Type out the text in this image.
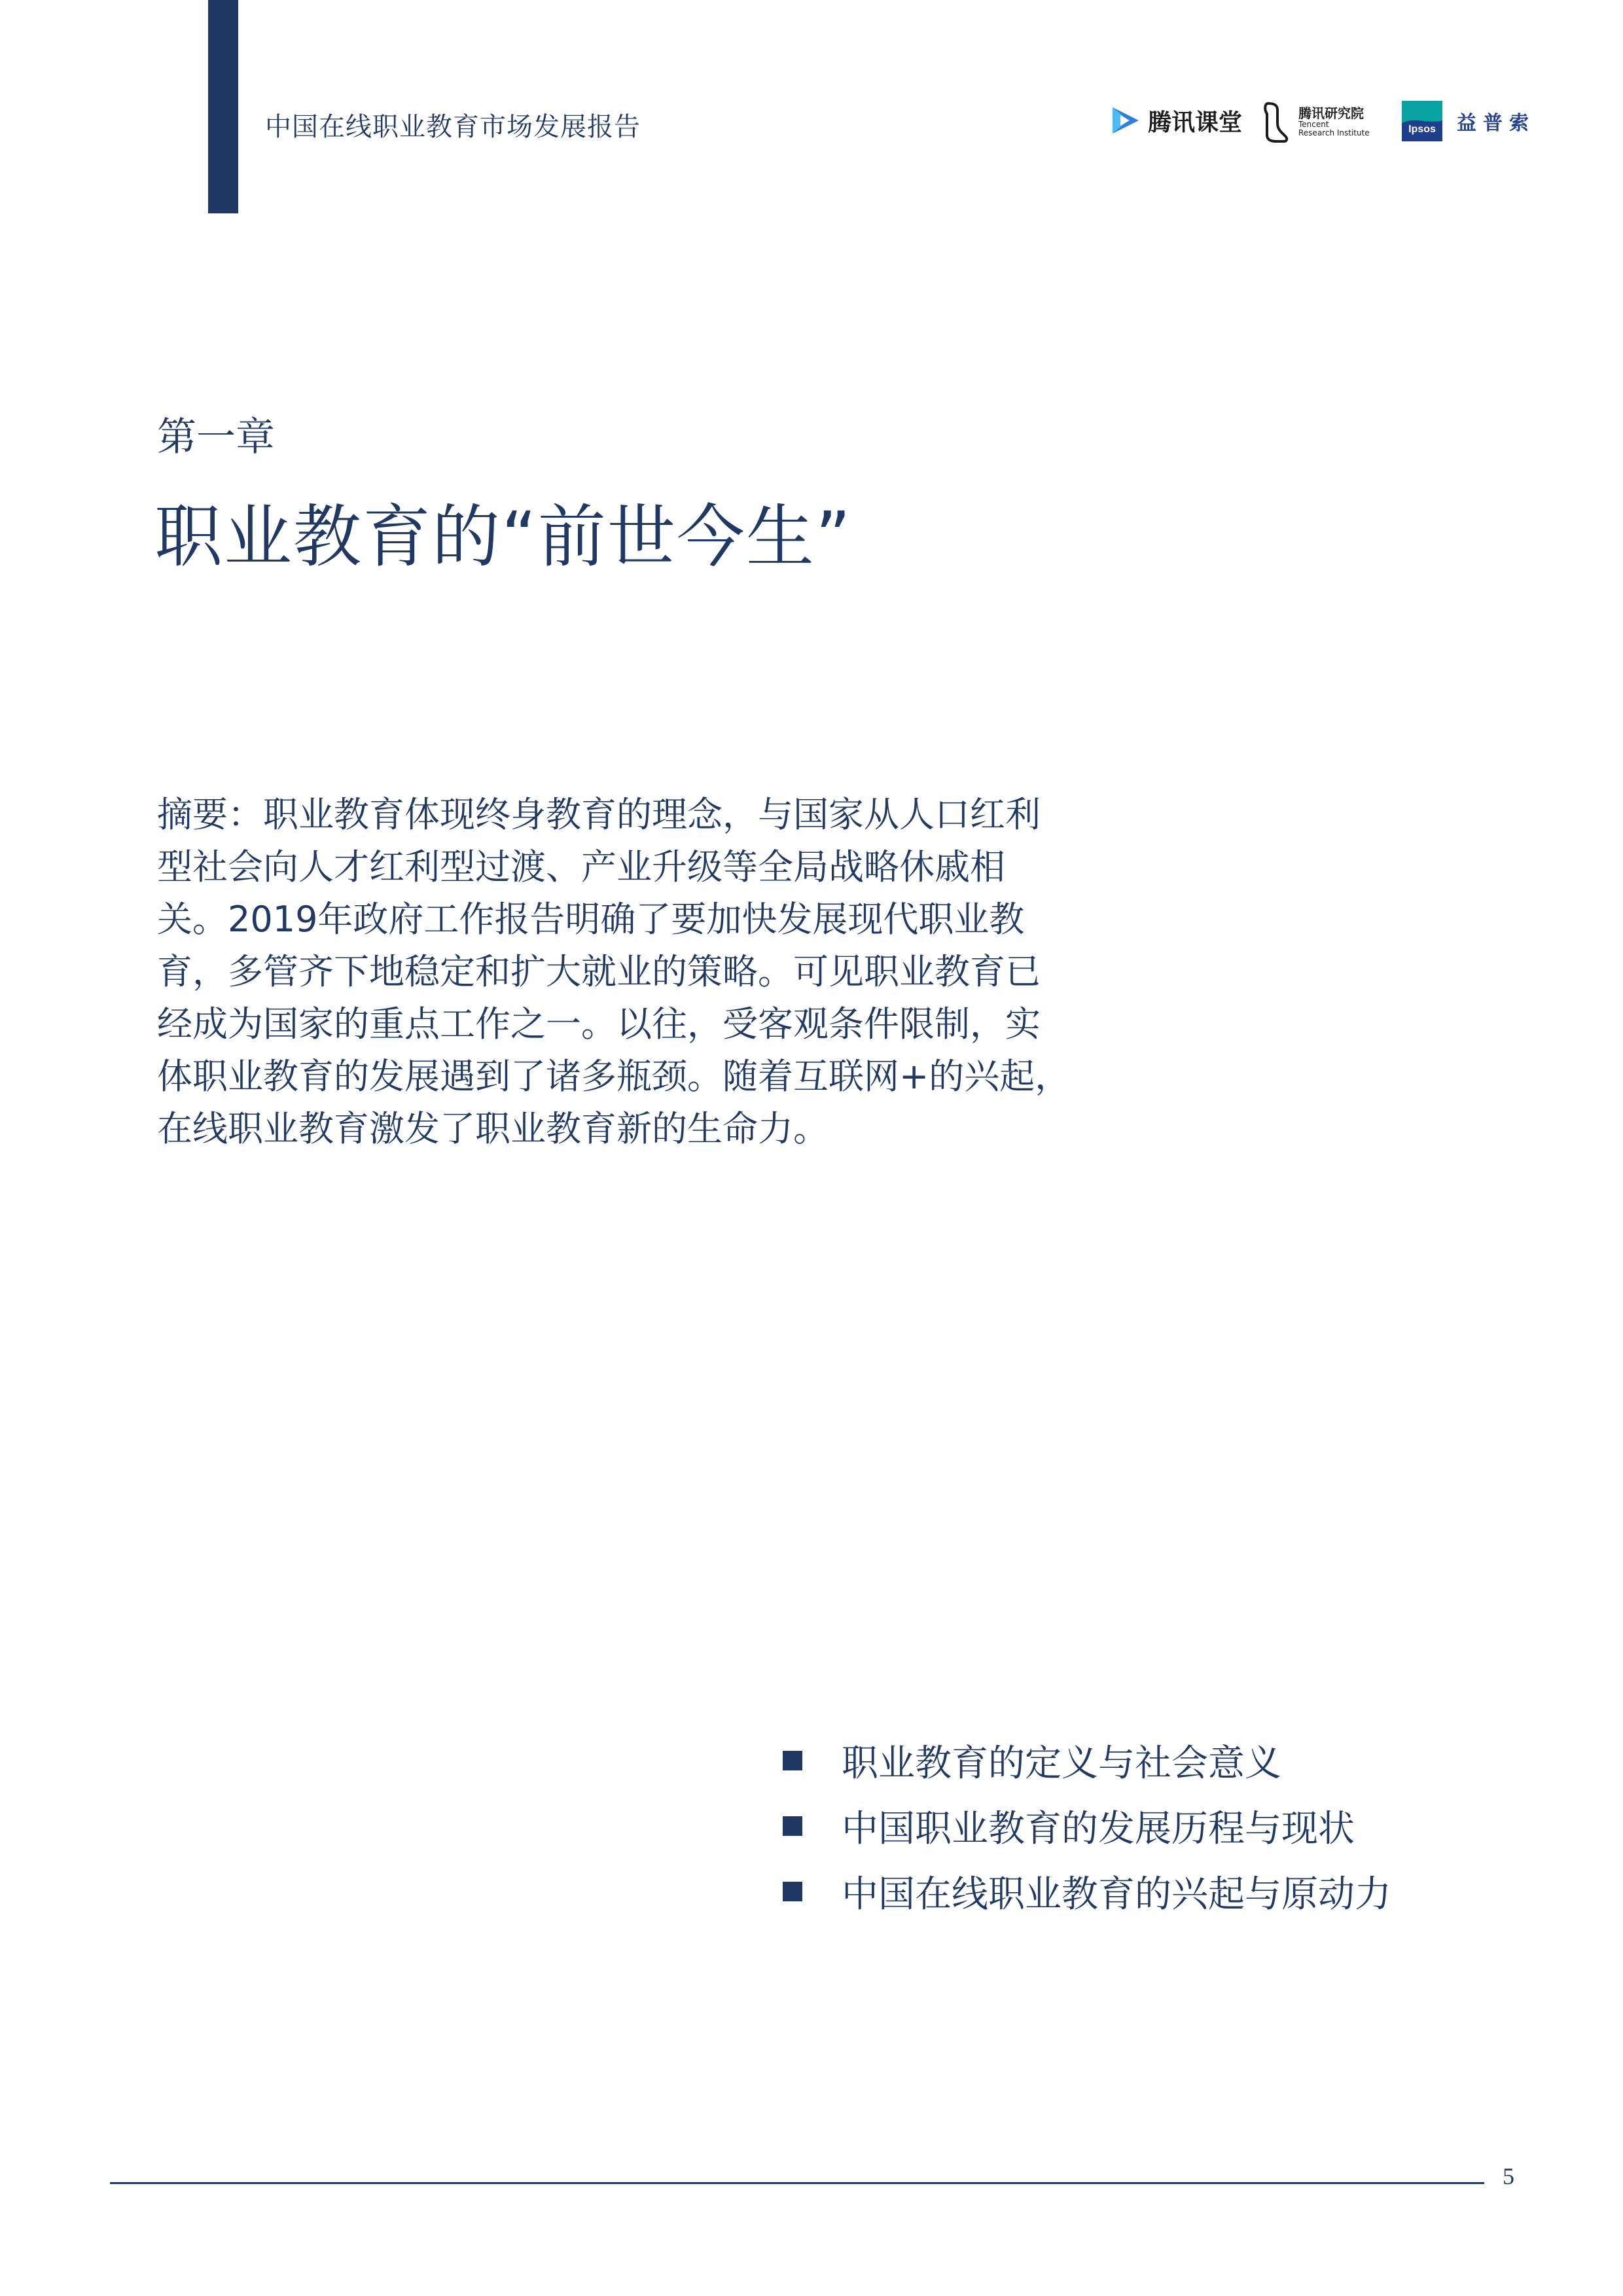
中国在线职业教育市场发展报告	腾讯课堂	腾讯研究院
Tencent
Research Institute	Ipsos 益普索
第一章
职业教育的“前世今生”
摘要：职业教育体现终身教育的理念，与国家从人口红利
型社会向人才红利型过渡、产业升级等全局战略休戚相
关。2019年政府工作报告明确了要加快发展现代职业教
育，多管齐下地稳定和扩大就业的策略。可见职业教育已
经成为国家的重点工作之一。以往，受客观条件限制，实
体职业教育的发展遇到了诸多瓶颈。随着互联网+的兴起，
在线职业教育激发了职业教育新的生命力。
职业教育的定义与社会意义
中国职业教育的发展历程与现状
中国在线职业教育的兴起与原动力
5
